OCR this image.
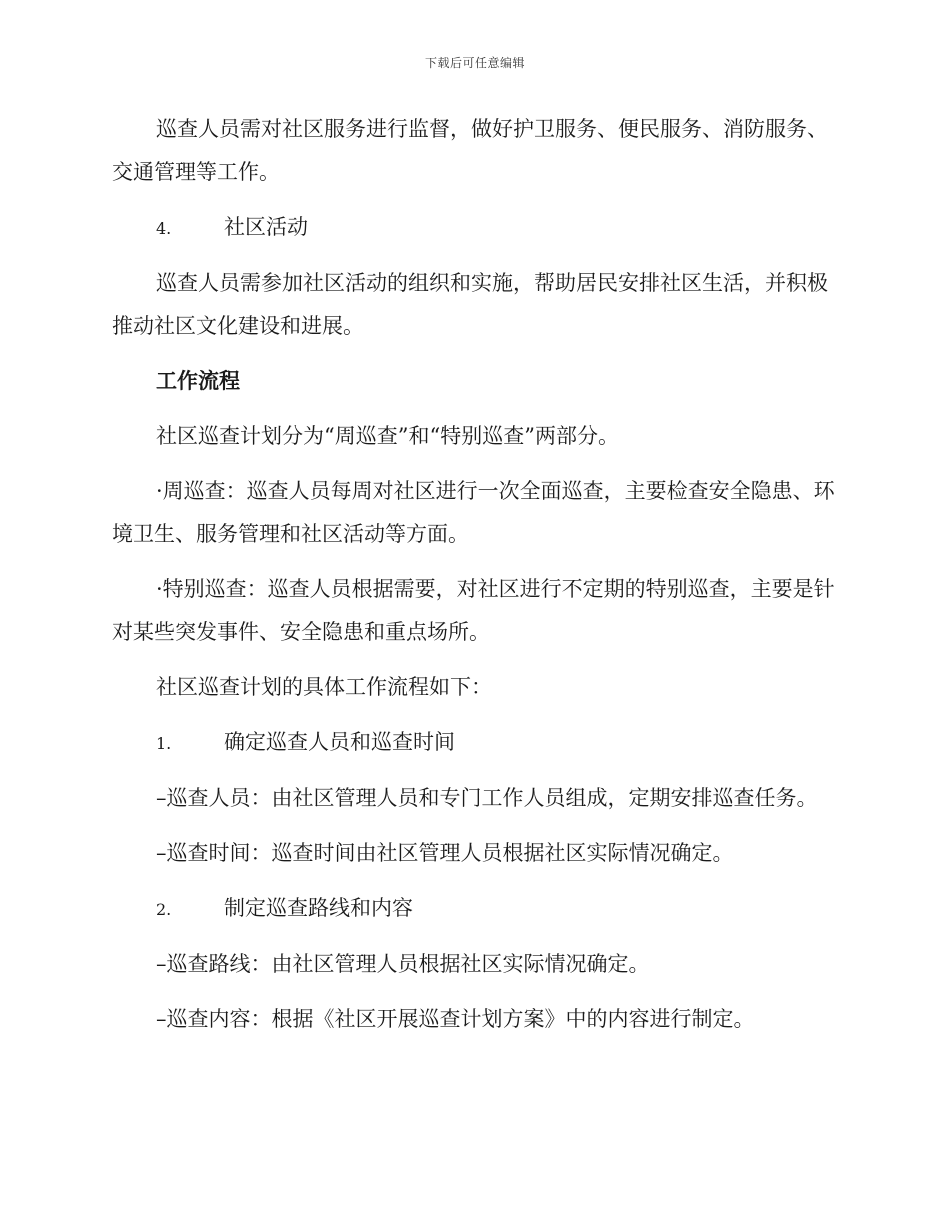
下载后可任意编辑

巡查人员需对社区服务进行监督，做好护卫服务、便民服务、消防服务、交通管理等工作。

4.	社区活动

巡查人员需参加社区活动的组织和实施，帮助居民安排社区生活，并积极推动社区文化建设和进展。

工作流程

社区巡查计划分为“周巡查”和“特别巡查”两部分。

·周巡查：巡查人员每周对社区进行一次全面巡查，主要检查安全隐患、环境卫生、服务管理和社区活动等方面。

·特别巡查：巡查人员根据需要，对社区进行不定期的特别巡查，主要是针对某些突发事件、安全隐患和重点场所。

社区巡查计划的具体工作流程如下：

1.	确定巡查人员和巡查时间

–巡查人员：由社区管理人员和专门工作人员组成，定期安排巡查任务。

–巡查时间：巡查时间由社区管理人员根据社区实际情况确定。

2.	制定巡查路线和内容

–巡查路线：由社区管理人员根据社区实际情况确定。

–巡查内容：根据《社区开展巡查计划方案》中的内容进行制定。
